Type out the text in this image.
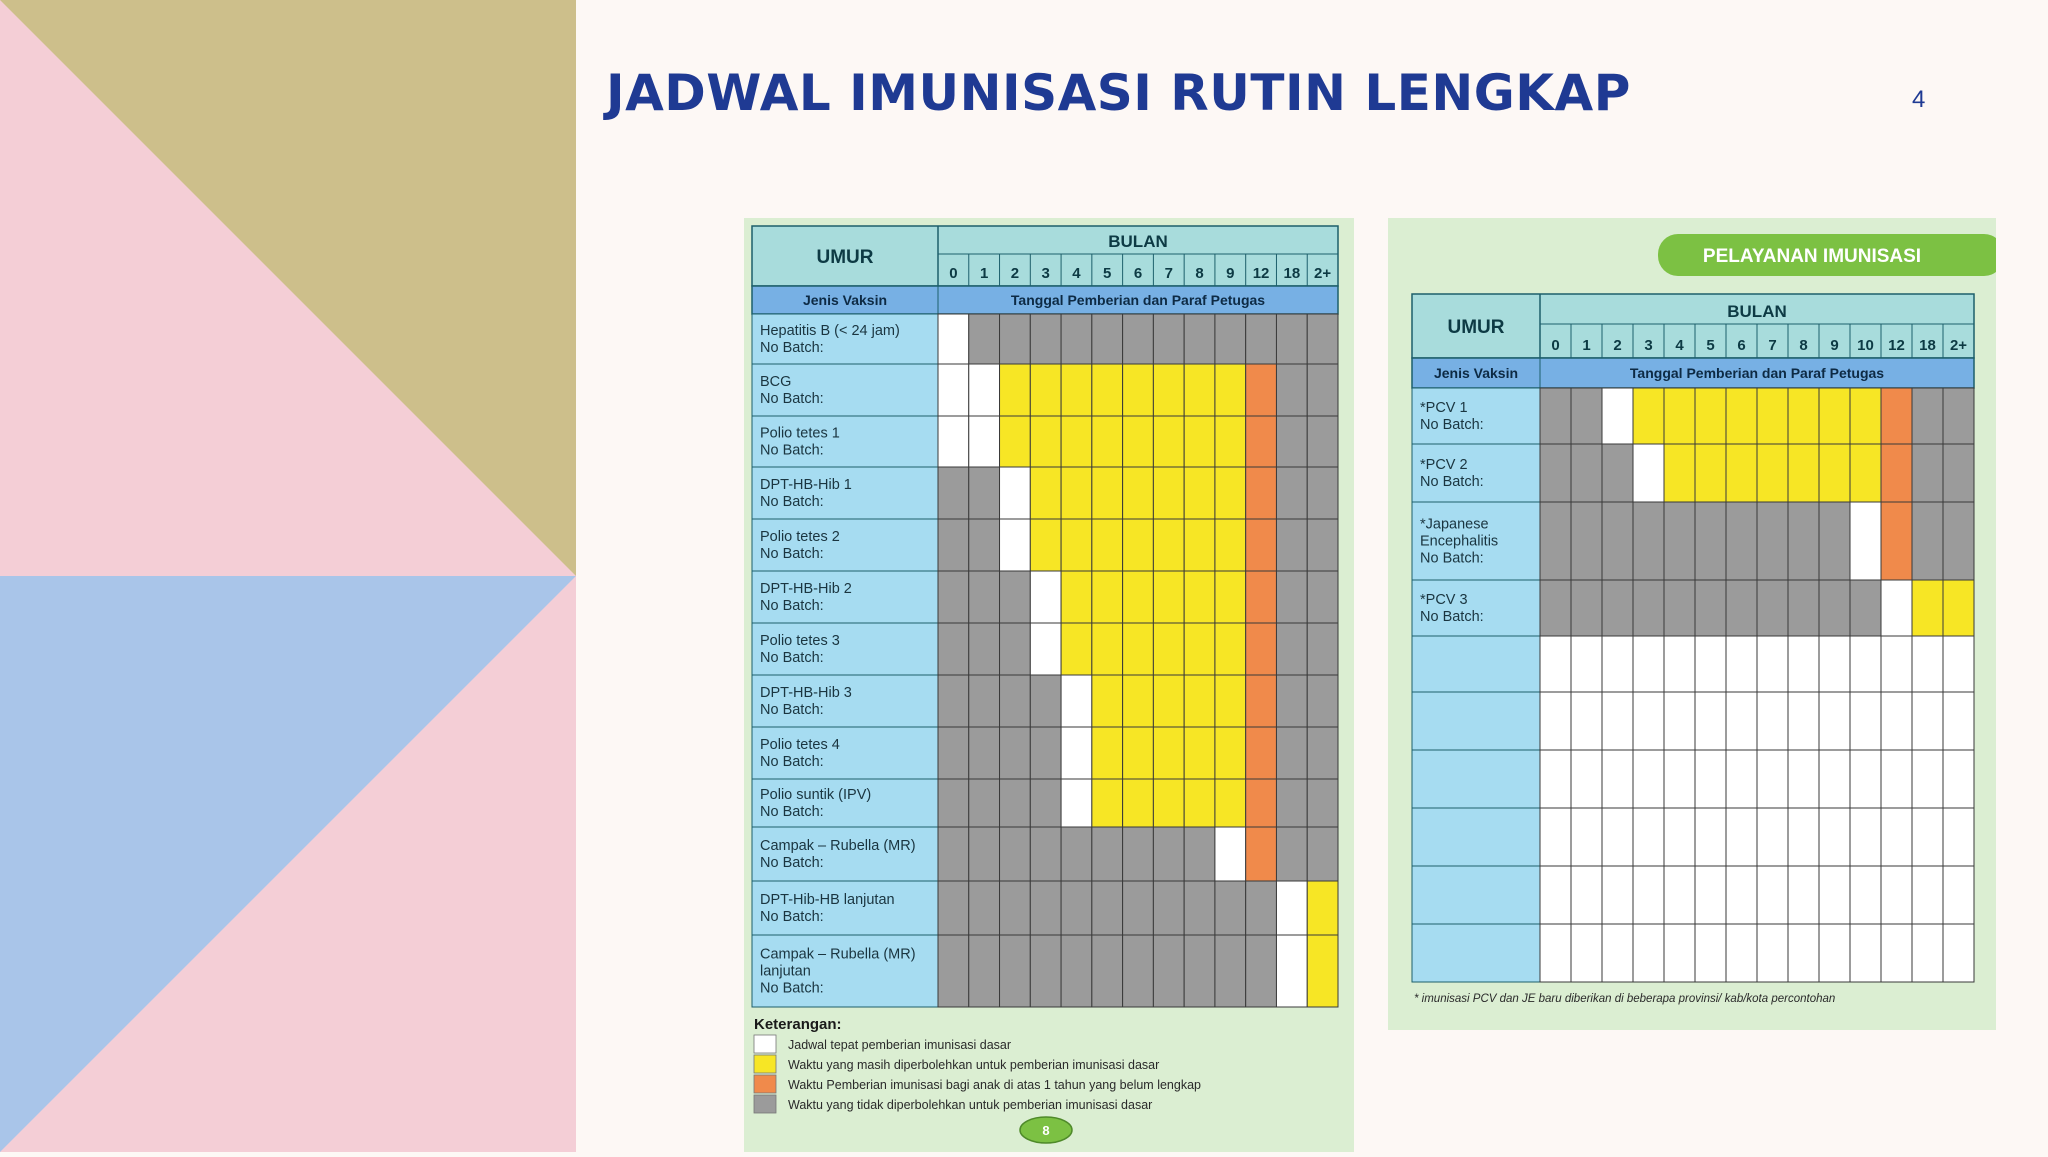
JADWAL IMUNISASI RUTIN LENGKAP	4
UMUR
BULAN
0 1 2 3 4 5 6 7 8 9 12 18 2+
Jenis Vaksin	Tanggal Pemberian dan Paraf Petugas
Hepatitis B (< 24 jam)
No Batch:
BCG
No Batch:
Polio tetes 1
No Batch:
DPT-HB-Hib 1
No Batch:
Polio tetes 2
No Batch:
DPT-HB-Hib 2
No Batch:
Polio tetes 3
No Batch:
DPT-HB-Hib 3
No Batch:
Polio tetes 4
No Batch:
Polio suntik (IPV)
No Batch:
Campak – Rubella (MR)
No Batch:
DPT-Hib-HB lanjutan
No Batch:
Campak – Rubella (MR)
lanjutan
No Batch:
Keterangan:
Jadwal tepat pemberian imunisasi dasar
Waktu yang masih diperbolehkan untuk pemberian imunisasi dasar
Waktu Pemberian imunisasi bagi anak di atas 1 tahun yang belum lengkap
Waktu yang tidak diperbolehkan untuk pemberian imunisasi dasar
8
PELAYANAN IMUNISASI
UMUR
BULAN
0 1 2 3 4 5 6 7 8 9 10 12 18 2+
Jenis Vaksin	Tanggal Pemberian dan Paraf Petugas
*PCV 1
No Batch:
*PCV 2
No Batch:
*Japanese
Encephalitis
No Batch:
*PCV 3
No Batch:
* imunisasi PCV dan JE baru diberikan di beberapa provinsi/ kab/kota percontohan
